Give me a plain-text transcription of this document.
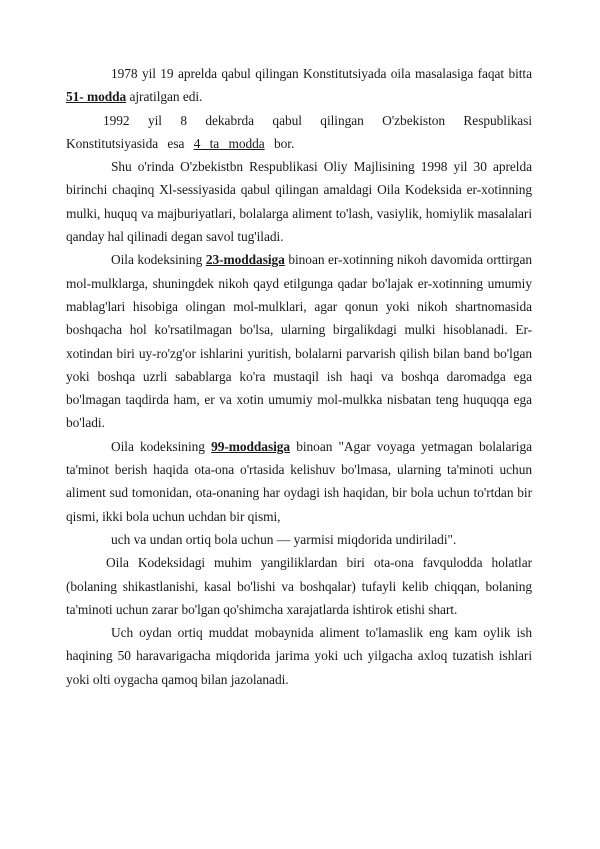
1978 yil 19 aprelda qabul qilingan Konstitutsiyada oila masalasiga faqat bitta 51- modda ajratilgan edi.

1992 yil 8 dekabrda qabul qilingan O'zbekiston Respublikasi Konstitutsiyasida esa 4 ta modda bor.

Shu o'rinda O'zbekistbn Respublikasi Oliy Majlisining 1998 yil 30 aprelda birinchi chaqinq Xl-sessiyasida qabul qilingan amaldagi Oila Kodeksida er-xotinning mulki, huquq va majburiyatlari, bolalarga aliment to'lash, vasiylik, homiylik masalalari qanday hal qilinadi degan savol tug'iladi.

Oila kodeksining 23-moddasiga binoan er-xotinning nikoh davomida orttirgan mol-mulklarga, shuningdek nikoh qayd etilgunga qadar bo'lajak er-xotinning umumiy mablag'lari hisobiga olingan mol-mulklari, agar qonun yoki nikoh shartnomasida boshqacha hol ko'rsatilmagan bo'lsa, ularning birgalikdagi mulki hisoblanadi. Er-xotindan biri uy-ro'zg'or ishlarini yuritish, bolalarni parvarish qilish bilan band bo'lgan yoki boshqa uzrli sabablarga ko'ra mustaqil ish haqi va boshqa daromadga ega bo'lmagan taqdirda ham, er va xotin umumiy mol-mulkka nisbatan teng huquqqa ega bo'ladi.

Oila kodeksining 99-moddasiga binoan "Agar voyaga yetmagan bolalariga ta'minot berish haqida ota-ona o'rtasida kelishuv bo'lmasa, ularning ta'minoti uchun aliment sud tomonidan, ota-onaning har oydagi ish haqidan, bir bola uchun to'rtdan bir qismi, ikki bola uchun uchdan bir qismi,

uch va undan ortiq bola uchun — yarmisi miqdorida undiriladi".

Oila Kodeksidagi muhim yangiliklardan biri ota-ona favqulodda holatlar (bolaning shikastlanishi, kasal bo'lishi va boshqalar) tufayli kelib chiqqan, bolaning ta'minoti uchun zarar bo'lgan qo'shimcha xarajatlarda ishtirok etishi shart.

Uch oydan ortiq muddat mobaynida aliment to'lamaslik eng kam oylik ish haqining 50 haravarigacha miqdorida jarima yoki uch yilgacha axloq tuzatish ishlari yoki olti oygacha qamoq bilan jazolanadi.
